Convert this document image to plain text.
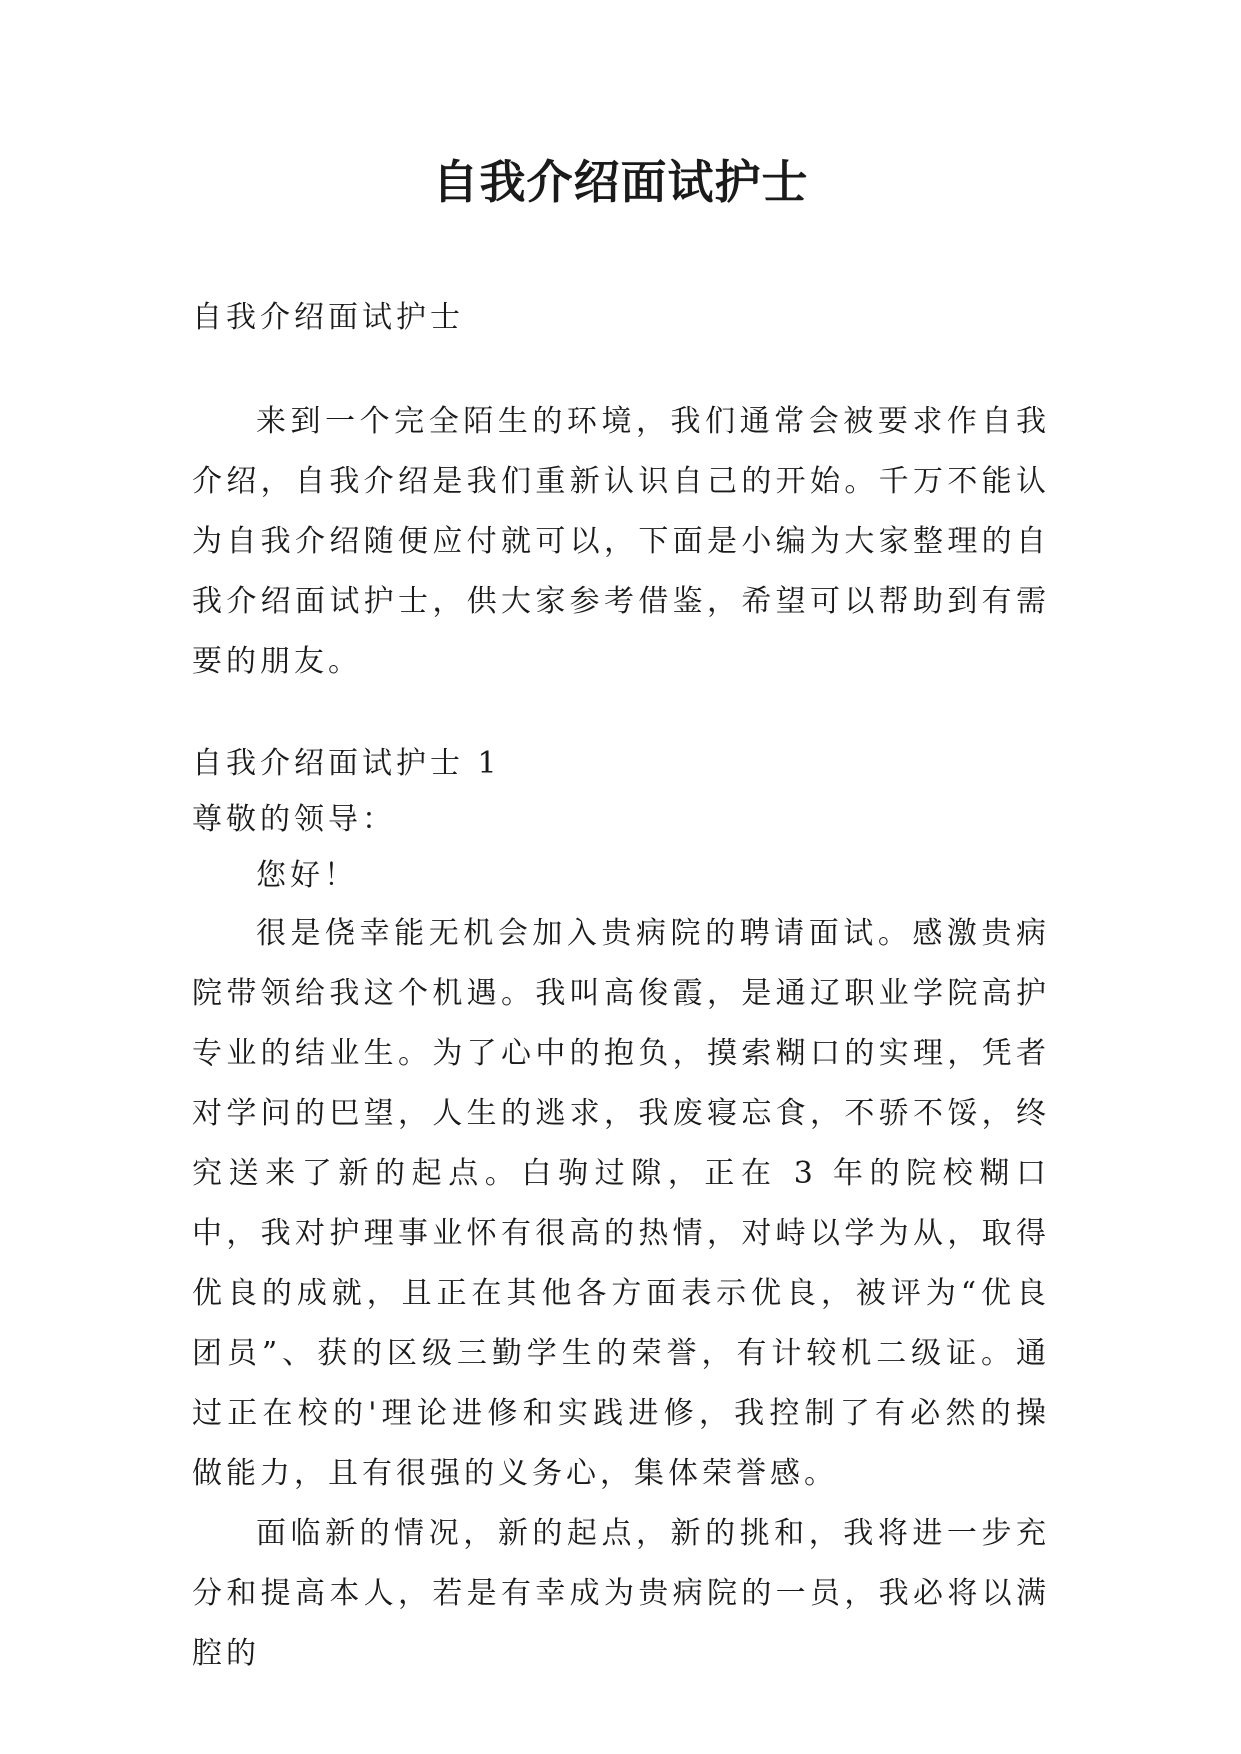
自我介绍面试护士

自我介绍面试护士

来到一个完全陌生的环境，我们通常会被要求作自我介绍，自我介绍是我们重新认识自己的开始。千万不能认为自我介绍随便应付就可以，下面是小编为大家整理的自我介绍面试护士，供大家参考借鉴，希望可以帮助到有需要的朋友。

自我介绍面试护士 1

尊敬的领导：

您好！

很是侥幸能无机会加入贵病院的聘请面试。感激贵病院带领给我这个机遇。我叫高俊霞，是通辽职业学院高护专业的结业生。为了心中的抱负，摸索糊口的实理，凭者对学问的巴望，人生的逃求，我废寝忘食，不骄不馁，终究送来了新的起点。白驹过隙，正在 3 年的院校糊口中，我对护理事业怀有很高的热情，对峙以学为从，取得优良的成就，且正在其他各方面表示优良，被评为“优良团员”、获的区级三勤学生的荣誉，有计较机二级证。通过正在校的'理论进修和实践进修，我控制了有必然的操做能力，且有很强的义务心，集体荣誉感。

面临新的情况，新的起点，新的挑和，我将进一步充分和提高本人，若是有幸成为贵病院的一员，我必将以满腔的
